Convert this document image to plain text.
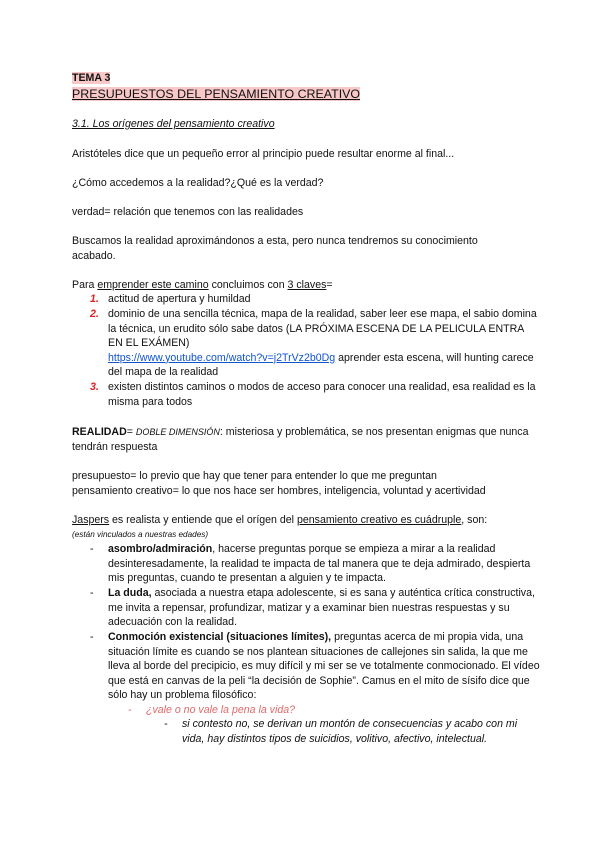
TEMA 3
PRESUPUESTOS DEL PENSAMIENTO CREATIVO
3.1. Los orígenes del pensamiento creativo
Aristóteles dice que un pequeño error al principio puede resultar enorme al final...
¿Cómo accedemos a la realidad?¿Qué es la verdad?
verdad= relación que tenemos con las realidades
Buscamos la realidad aproximándonos a esta, pero nunca tendremos su conocimiento acabado.
Para emprender este camino concluimos con 3 claves=
1. actitud de apertura y humildad
2. dominio de una sencilla técnica, mapa de la realidad, saber leer ese mapa, el sabio domina la técnica, un erudito sólo sabe datos (LA PRÓXIMA ESCENA DE LA PELICULA ENTRA EN EL EXÁMEN)
https://www.youtube.com/watch?v=j2TrVz2b0Dg aprender esta escena, will hunting carece del mapa de la realidad
3. existen distintos caminos o modos de acceso para conocer una realidad, esa realidad es la misma para todos
REALIDAD= DOBLE DIMENSIÓN: misteriosa y problemática, se nos presentan enigmas que nunca tendrán respuesta
presupuesto= lo previo que hay que tener para entender lo que me preguntan
pensamiento creativo= lo que nos hace ser hombres, inteligencia, voluntad y acertividad
Jaspers es realista y entiende que el orígen del pensamiento creativo es cuádruple, son:
(están vinculados a nuestras edades)
- asombro/admiración, hacerse preguntas porque se empieza a mirar a la realidad desinteresadamente, la realidad te impacta de tal manera que te deja admirado, despierta mis preguntas, cuando te presentan a alguien y te impacta.
- La duda, asociada a nuestra etapa adolescente, si es sana y auténtica crítica constructiva, me invita a repensar, profundizar, matizar y a examinar bien nuestras respuestas y su adecuación con la realidad.
- Conmoción existencial (situaciones límites), preguntas acerca de mi propia vida, una situación límite es cuando se nos plantean situaciones de callejones sin salida, la que me lleva al borde del precipicio, es muy difícil y mi ser se ve totalmente conmocionado. El vídeo que está en canvas de la peli “la decisión de Sophie”. Camus en el mito de sísifo dice que sólo hay un problema filosófico:
- ¿vale o no vale la pena la vida?
- si contesto no, se derivan un montón de consecuencias y acabo con mi vida, hay distintos tipos de suicidios, volitivo, afectivo, intelectual.
